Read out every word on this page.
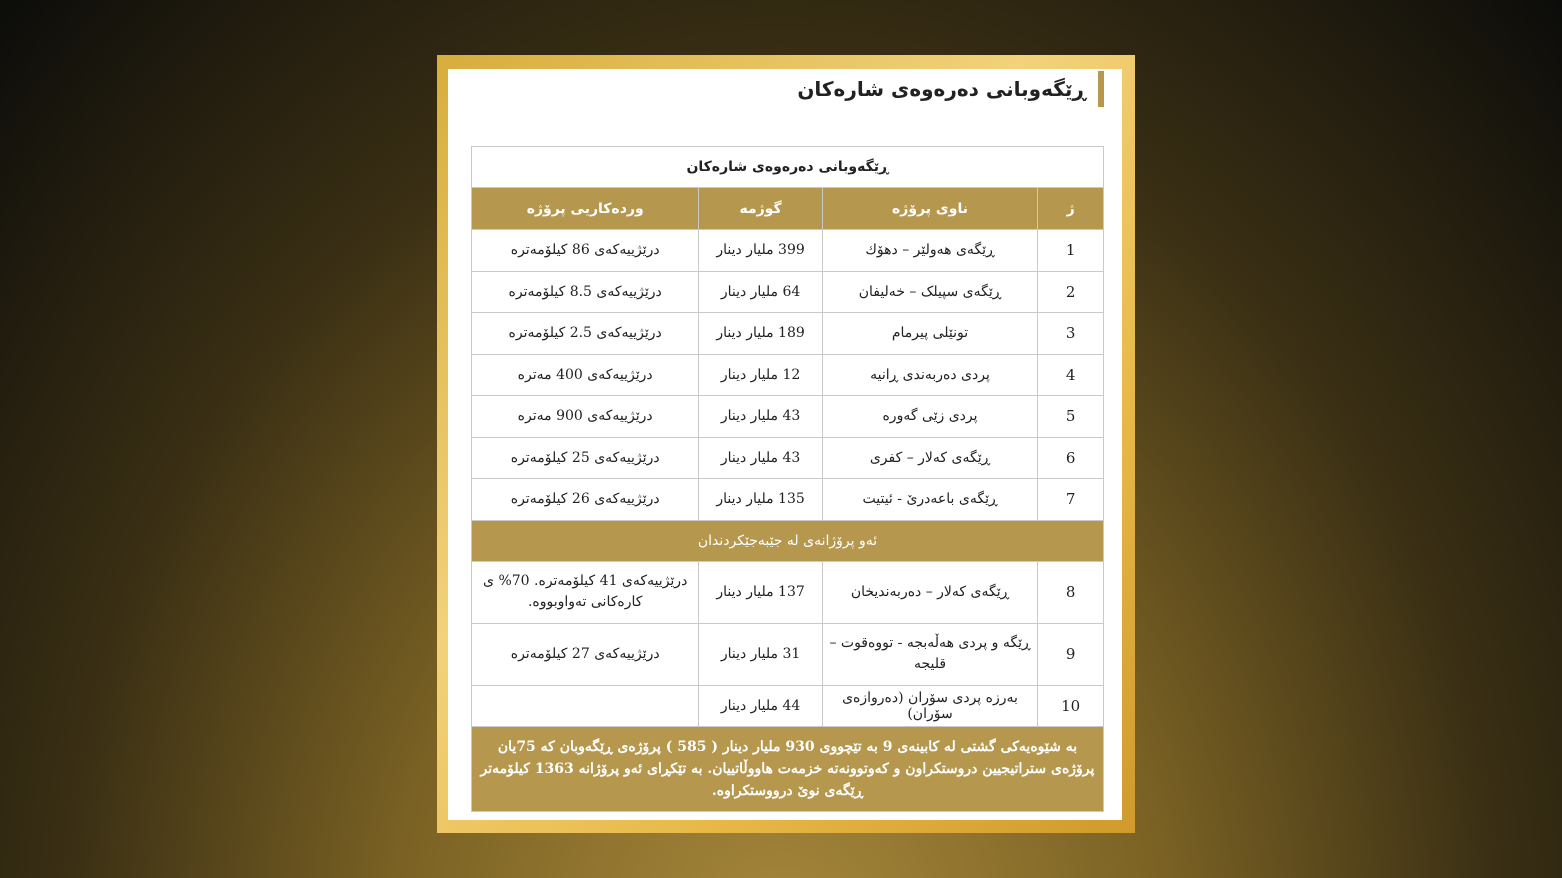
ڕێگەوبانی دەرەوەی شارەکان
ڕێگەوبانی دەرەوەی شارەکان			
ژ	ناوی پرۆژە	گوژمە	وردەکاریی پرۆژە
1	ڕێگەی هەولێر – دهۆك	399 ملیار دینار	درێژییەکەی 86 کیلۆمەترە
2	ڕێگەی سپیلک – خەلیفان	64 ملیار دینار	درێژییەکەی 8.5 کیلۆمەترە
3	تونێلی پیرمام	189 ملیار دینار	درێژییەکەی 2.5 کیلۆمەترە
4	پردی دەربەندی ڕانیە	12 ملیار دینار	درێژییەکەی 400 مەترە
5	پردی زێی گەورە	43 ملیار دینار	درێژییەکەی 900 مەترە
6	ڕێگەی کەلار – کفری	43 ملیار دینار	درێژییەکەی 25 کیلۆمەترە
7	ڕێگەی باعەدرێ - ئیتیت	135 ملیار دینار	درێژییەکەی 26 کیلۆمەترە
ئەو پرۆژانەی لە جێبەجێکردندان			
8	ڕێگەی کەلار – دەربەندیخان	137 ملیار دینار	درێژییەکەی 41 کیلۆمەترە. 70% ی کارەکانی تەواوبووە.
9	ڕێگە و پردی هەڵەبجە - تووەقوت – قلیجە	31 ملیار دینار	درێژییەکەی 27 کیلۆمەترە
10	بەرزە پردی سۆران (دەروازەی سۆران)	44 ملیار دینار	
بە شێوەیەکی گشتی لە کابینەی 9 بە تێچووی 930 ملیار دینار ( 585 ) پرۆژەی ڕێگەوبان کە 75یان پرۆژەی ستراتیجیین دروستکراون و کەوتوونەتە خزمەت هاووڵاتییان. بە تێکڕای ئەو پرۆژانە 1363 کیلۆمەتر ڕێگەی نوێ درووستکراوە.			
